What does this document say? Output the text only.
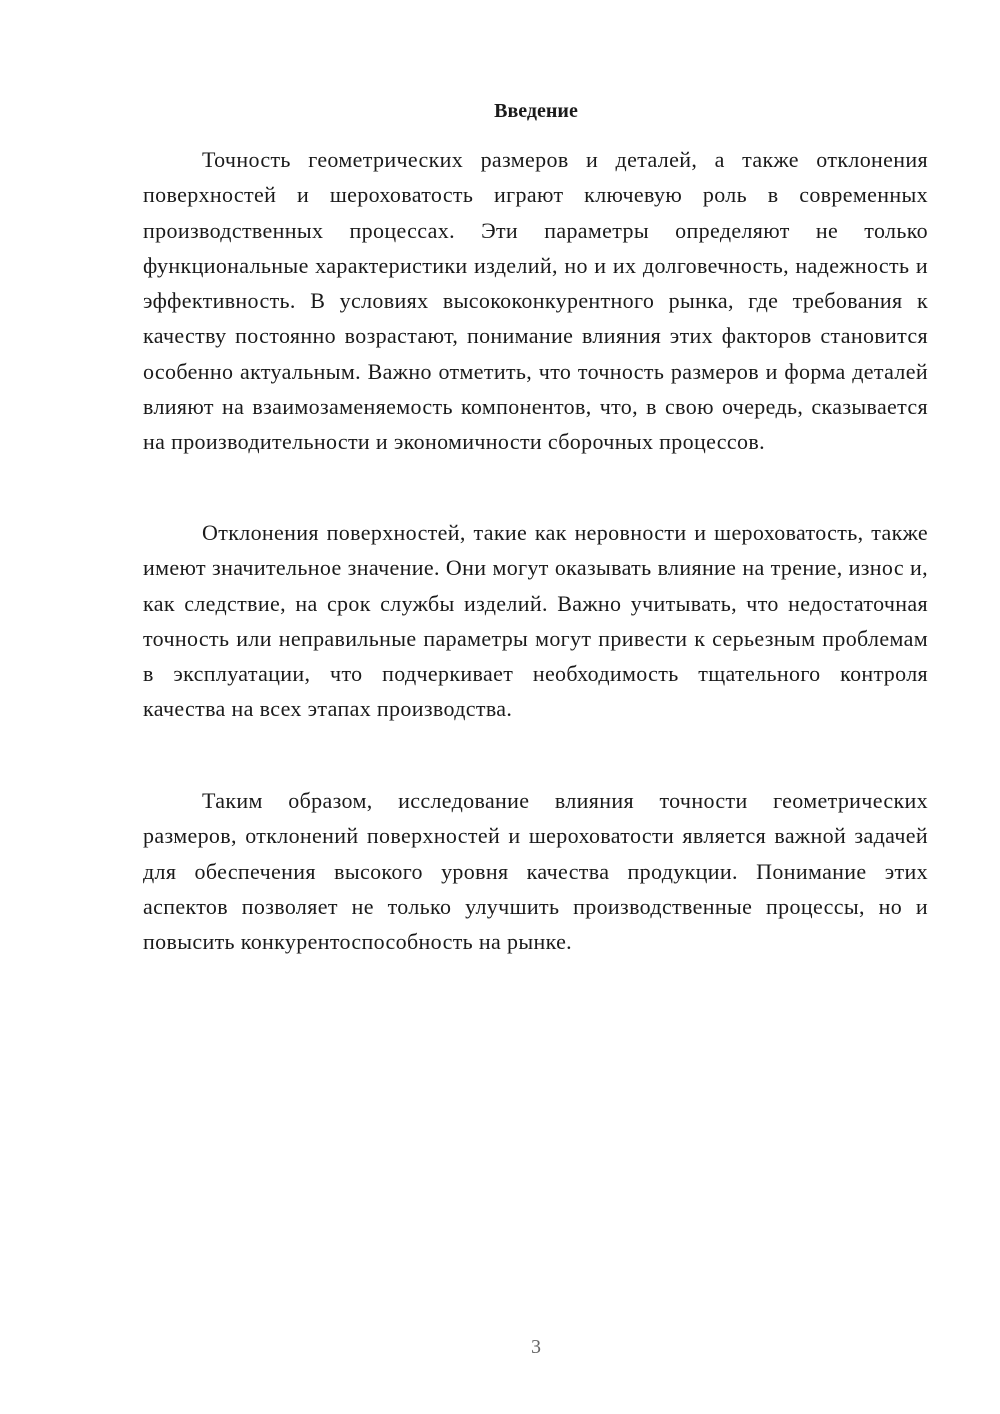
Введение

Точность геометрических размеров и деталей, а также отклонения поверхностей и шероховатость играют ключевую роль в современных производственных процессах. Эти параметры определяют не только функциональные характеристики изделий, но и их долговечность, надежность и эффективность. В условиях высококонкурентного рынка, где требования к качеству постоянно возрастают, понимание влияния этих факторов становится особенно актуальным. Важно отметить, что точность размеров и форма деталей влияют на взаимозаменяемость компонентов, что, в свою очередь, сказывается на производительности и экономичности сборочных процессов.

Отклонения поверхностей, такие как неровности и шероховатость, также имеют значительное значение. Они могут оказывать влияние на трение, износ и, как следствие, на срок службы изделий. Важно учитывать, что недостаточная точность или неправильные параметры могут привести к серьезным проблемам в эксплуатации, что подчеркивает необходимость тщательного контроля качества на всех этапах производства.

Таким образом, исследование влияния точности геометрических размеров, отклонений поверхностей и шероховатости является важной задачей для обеспечения высокого уровня качества продукции. Понимание этих аспектов позволяет не только улучшить производственные процессы, но и повысить конкурентоспособность на рынке.

3
